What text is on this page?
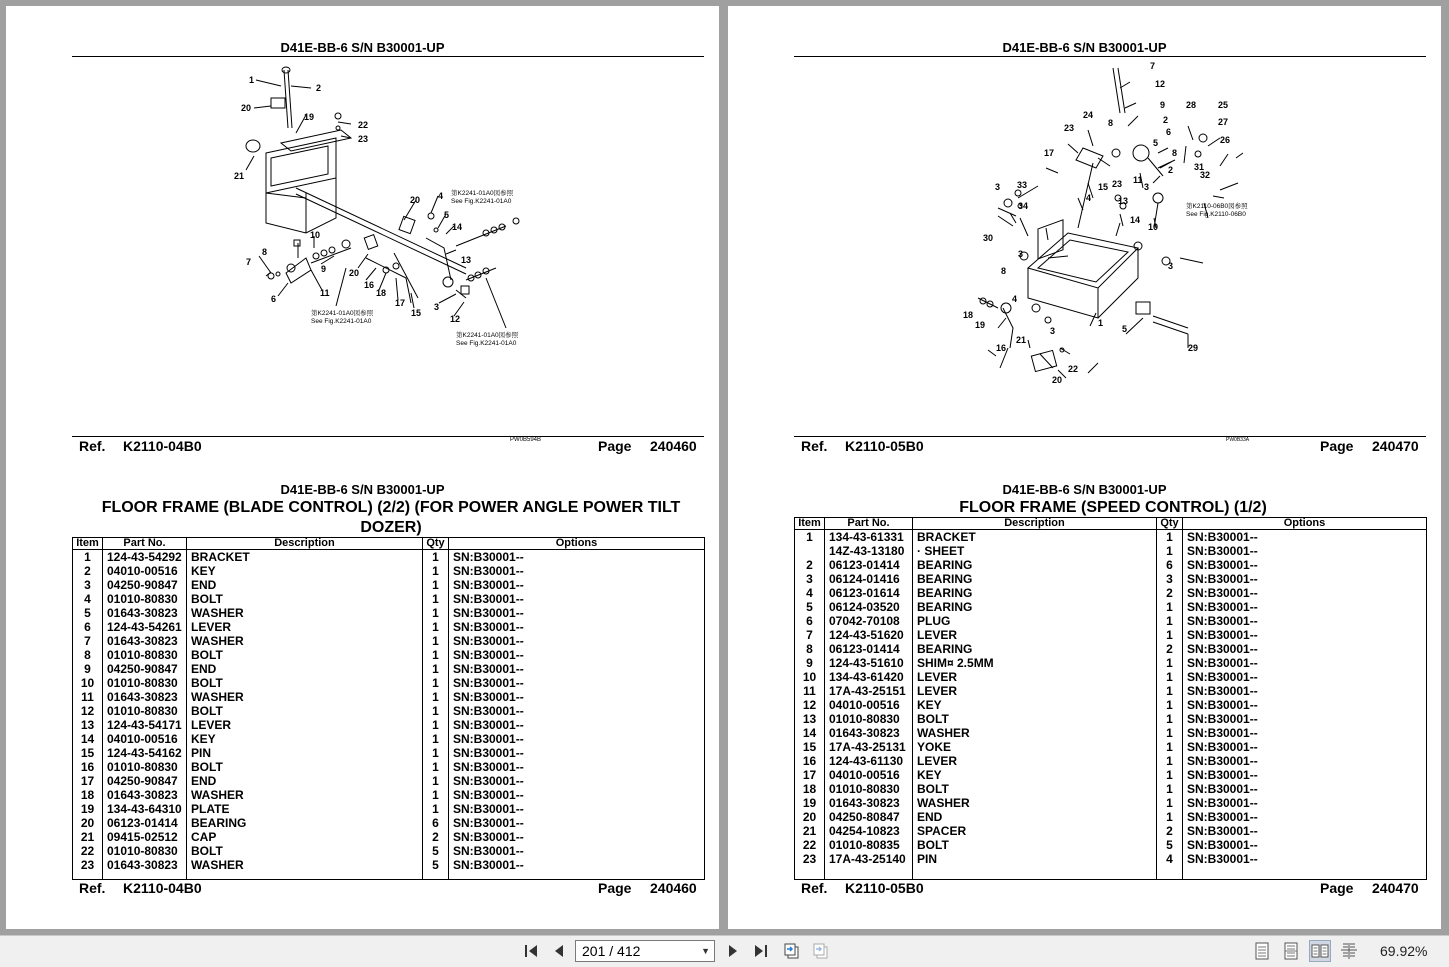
D41E-BB-6 S/N B30001-UP
1
2
20
19
22
23
21
20 4
5
14
10
9
8
7
6
11
20
16
18
17
15
13
3
12
第K2241-01A0図参照
See Fig.K2241-01A0
第K2241-01A0図参照
See Fig.K2241-01A0
第K2241-01A0図参照
See Fig.K2241-01A0
PW0B594B
Ref. K2110-04B0	Page 240460
D41E-BB-6 S/N B30001-UP
FLOOR FRAME (BLADE CONTROL) (2/2) (FOR POWER ANGLE POWER TILT DOZER)
Item	Part No.	Description	Qty	Options
1	124-43-54292	BRACKET	1	SN:B30001--
2	04010-00516	KEY	1	SN:B30001--
3	04250-90847	END	1	SN:B30001--
4	01010-80830	BOLT	1	SN:B30001--
5	01643-30823	WASHER	1	SN:B30001--
6	124-43-54261	LEVER	1	SN:B30001--
7	01643-30823	WASHER	1	SN:B30001--
8	01010-80830	BOLT	1	SN:B30001--
9	04250-90847	END	1	SN:B30001--
10	01010-80830	BOLT	1	SN:B30001--
11	01643-30823	WASHER	1	SN:B30001--
12	01010-80830	BOLT	1	SN:B30001--
13	124-43-54171	LEVER	1	SN:B30001--
14	04010-00516	KEY	1	SN:B30001--
15	124-43-54162	PIN	1	SN:B30001--
16	01010-80830	BOLT	1	SN:B30001--
17	04250-90847	END	1	SN:B30001--
18	01643-30823	WASHER	1	SN:B30001--
19	134-43-64310	PLATE	1	SN:B30001--
20	06123-01414	BEARING	6	SN:B30001--
21	09415-02512	CAP	2	SN:B30001--
22	01010-80830	BOLT	5	SN:B30001--
23	01643-30823	WASHER	5	SN:B30001--

Ref. K2110-04B0	Page 240460
D41E-BB-6 S/N B30001-UP
7
12
9
2
6
5
24
23	8
17
15
4
23 11
8
2
28 25
27
26
31
32
3
3 33
34
30
3
13
14
10
3
8
4
18
19
16
3
1
5
29
21
22
20
第K2110-06B0図参照
See Fig.K2110-06B0
PW0B33A
Ref. K2110-05B0	Page 240470
D41E-BB-6 S/N B30001-UP
FLOOR FRAME (SPEED CONTROL) (1/2)
Item	Part No.	Description	Qty	Options
1	134-43-61331	BRACKET	1	SN:B30001--
	14Z-43-13180	· SHEET	1	SN:B30001--
2	06123-01414	BEARING	6	SN:B30001--
3	06124-01416	BEARING	3	SN:B30001--
4	06123-01614	BEARING	2	SN:B30001--
5	06124-03520	BEARING	1	SN:B30001--
6	07042-70108	PLUG	1	SN:B30001--
7	124-43-51620	LEVER	1	SN:B30001--
8	06123-01414	BEARING	2	SN:B30001--
9	124-43-51610	SHIM¤ 2.5MM	1	SN:B30001--
10	134-43-61420	LEVER	1	SN:B30001--
11	17A-43-25151	LEVER	1	SN:B30001--
12	04010-00516	KEY	1	SN:B30001--
13	01010-80830	BOLT	1	SN:B30001--
14	01643-30823	WASHER	1	SN:B30001--
15	17A-43-25131	YOKE	1	SN:B30001--
16	124-43-61130	LEVER	1	SN:B30001--
17	04010-00516	KEY	1	SN:B30001--
18	01010-80830	BOLT	1	SN:B30001--
19	01643-30823	WASHER	1	SN:B30001--
20	04250-80847	END	1	SN:B30001--
21	04254-10823	SPACER	2	SN:B30001--
22	01010-80835	BOLT	5	SN:B30001--
23	17A-43-25140	PIN	4	SN:B30001--

Ref. K2110-05B0	Page 240470
201 / 412	▼	69.92%
